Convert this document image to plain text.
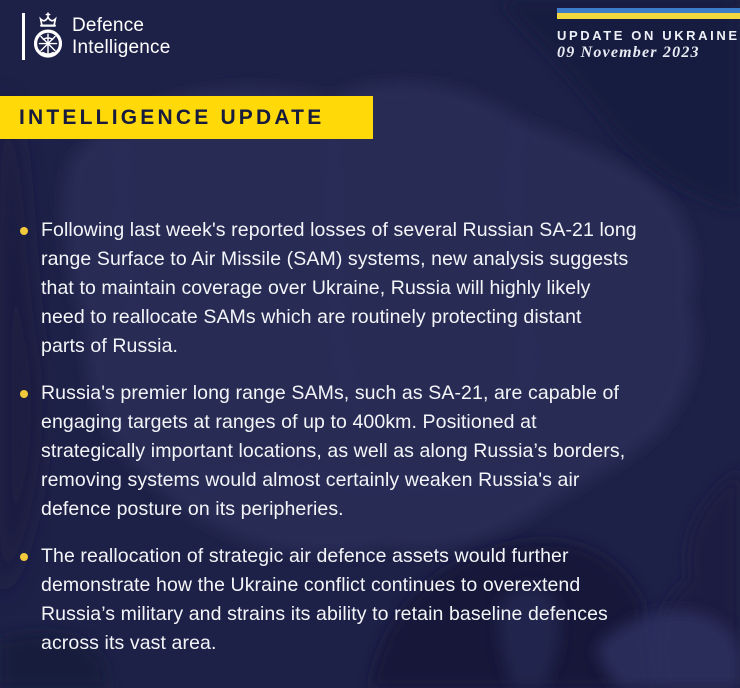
Defence
Intelligence
UPDATE ON UKRAINE
09 November 2023
INTELLIGENCE UPDATE
Following last week's reported losses of several Russian SA-21 long
range Surface to Air Missile (SAM) systems, new analysis suggests
that to maintain coverage over Ukraine, Russia will highly likely
need to reallocate SAMs which are routinely protecting distant
parts of Russia.
Russia's premier long range SAMs, such as SA-21, are capable of
engaging targets at ranges of up to 400km. Positioned at
strategically important locations, as well as along Russia’s borders,
removing systems would almost certainly weaken Russia's air
defence posture on its peripheries.
The reallocation of strategic air defence assets would further
demonstrate how the Ukraine conflict continues to overextend
Russia’s military and strains its ability to retain baseline defences
across its vast area.
